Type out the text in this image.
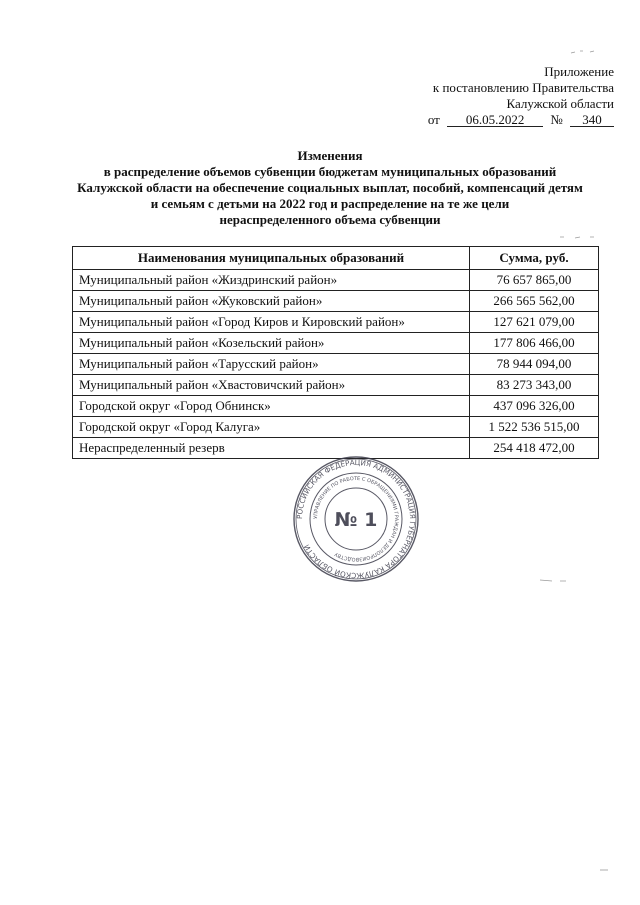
Приложение
к постановлению Правительства
Калужской области
от 06.05.2022 № 340
Изменения
в распределение объемов субвенции бюджетам муниципальных образований
Калужской области на обеспечение социальных выплат, пособий, компенсаций детям
и семьям с детьми на 2022 год и распределение на те же цели
нераспределенного объема субвенции
Наименования муниципальных образований	Сумма, руб.
Муниципальный район «Жиздринский район»	76 657 865,00
Муниципальный район «Жуковский район»	266 565 562,00
Муниципальный район «Город Киров и Кировский район»	127 621 079,00
Муниципальный район «Козельский район»	177 806 466,00
Муниципальный район «Тарусский район»	78 944 094,00
Муниципальный район «Хвастовичский район»	83 273 343,00
Городской округ «Город Обнинск»	437 096 326,00
Городской округ «Город Калуга»	1 522 536 515,00
Нераспределенный резерв	254 418 472,00
РОССИЙСКАЯ ФЕДЕРАЦИЯ АДМИНИСТРАЦИЯ ГУБЕРНАТОРА КАЛУЖСКОЙ ОБЛАСТИ
УПРАВЛЕНИЕ ПО РАБОТЕ С ОБРАЩЕНИЯМИ ГРАЖДАН И ДЕЛОПРОИЗВОДСТВУ
№ 1
